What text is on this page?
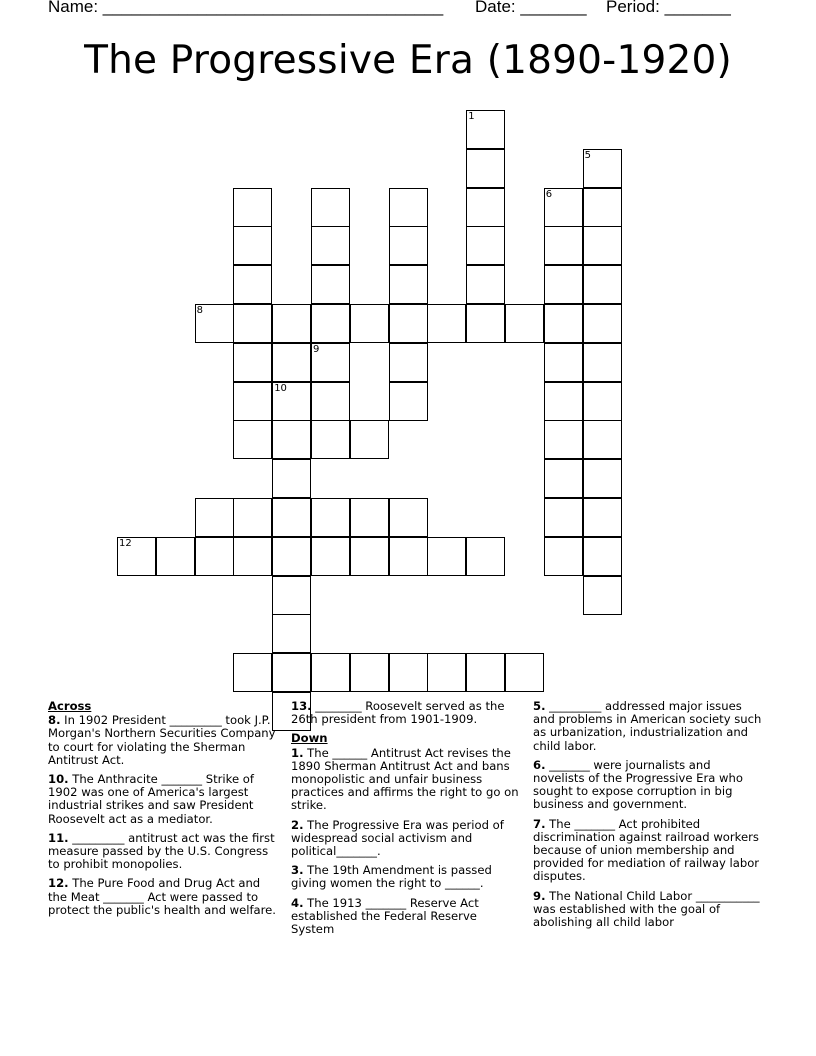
Name: ____________________________________ Date: _______ Period: _______
The Progressive Era (1890-1920)
12
10
1
5
6
9
8
Across
8. In 1902 President _________ took J.P. Morgan's Northern Securities Company to court for violating the Sherman Antitrust Act.
10. The Anthracite _______ Strike of 1902 was one of America's largest industrial strikes and saw President Roosevelt act as a mediator.
11. _________ antitrust act was the first measure passed by the U.S. Congress to prohibit monopolies.
12. The Pure Food and Drug Act and the Meat _______ Act were passed to protect the public's health and welfare.
13. ________ Roosevelt served as the 26th president from 1901-1909.
Down
1. The ______ Antitrust Act revises the 1890 Sherman Antitrust Act and bans monopolistic and unfair business practices and affirms the right to go on strike.
2. The Progressive Era was period of widespread social activism and political_______.
3. The 19th Amendment is passed giving women the right to ______.
4. The 1913 _______ Reserve Act established the Federal Reserve System
5. _________ addressed major issues and problems in American society such as urbanization, industrialization and child labor.
6. _______ were journalists and novelists of the Progressive Era who sought to expose corruption in big business and government.
7. The _______ Act prohibited discrimination against railroad workers because of union membership and provided for mediation of railway labor disputes.
9. The National Child Labor ___________ was established with the goal of abolishing all child labor
